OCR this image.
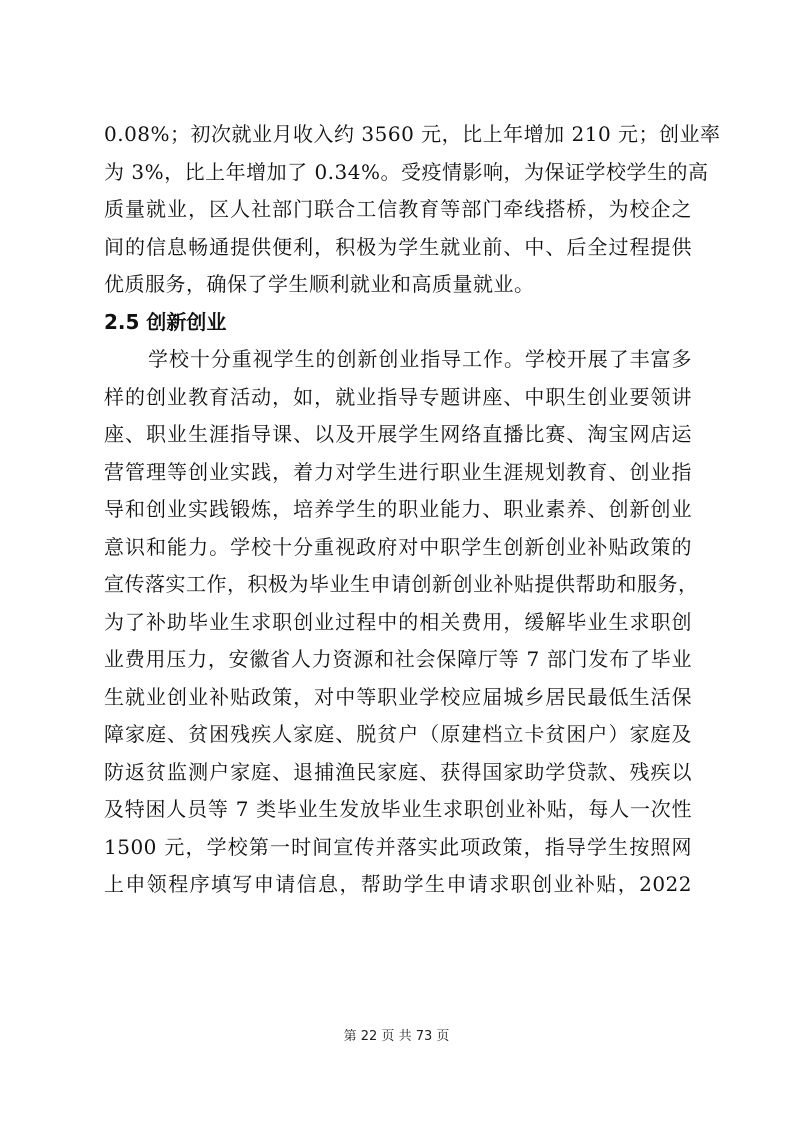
0.08%；初次就业月收入约 3560 元，比上年增加 210 元；创业率
为 3%，比上年增加了 0.34%。受疫情影响，为保证学校学生的高
质量就业，区人社部门联合工信教育等部门牵线搭桥，为校企之
间的信息畅通提供便利，积极为学生就业前、中、后全过程提供
优质服务，确保了学生顺利就业和高质量就业。
2.5 创新创业
学校十分重视学生的创新创业指导工作。学校开展了丰富多
样的创业教育活动，如，就业指导专题讲座、中职生创业要领讲
座、职业生涯指导课、以及开展学生网络直播比赛、淘宝网店运
营管理等创业实践，着力对学生进行职业生涯规划教育、创业指
导和创业实践锻炼，培养学生的职业能力、职业素养、创新创业
意识和能力。学校十分重视政府对中职学生创新创业补贴政策的
宣传落实工作，积极为毕业生申请创新创业补贴提供帮助和服务，
为了补助毕业生求职创业过程中的相关费用，缓解毕业生求职创
业费用压力，安徽省人力资源和社会保障厅等 7 部门发布了毕业
生就业创业补贴政策，对中等职业学校应届城乡居民最低生活保
障家庭、贫困残疾人家庭、脱贫户（原建档立卡贫困户）家庭及
防返贫监测户家庭、退捕渔民家庭、获得国家助学贷款、残疾以
及特困人员等 7 类毕业生发放毕业生求职创业补贴，每人一次性
1500 元，学校第一时间宣传并落实此项政策，指导学生按照网
上申领程序填写申请信息，帮助学生申请求职创业补贴，2022
第 22 页 共 73 页
